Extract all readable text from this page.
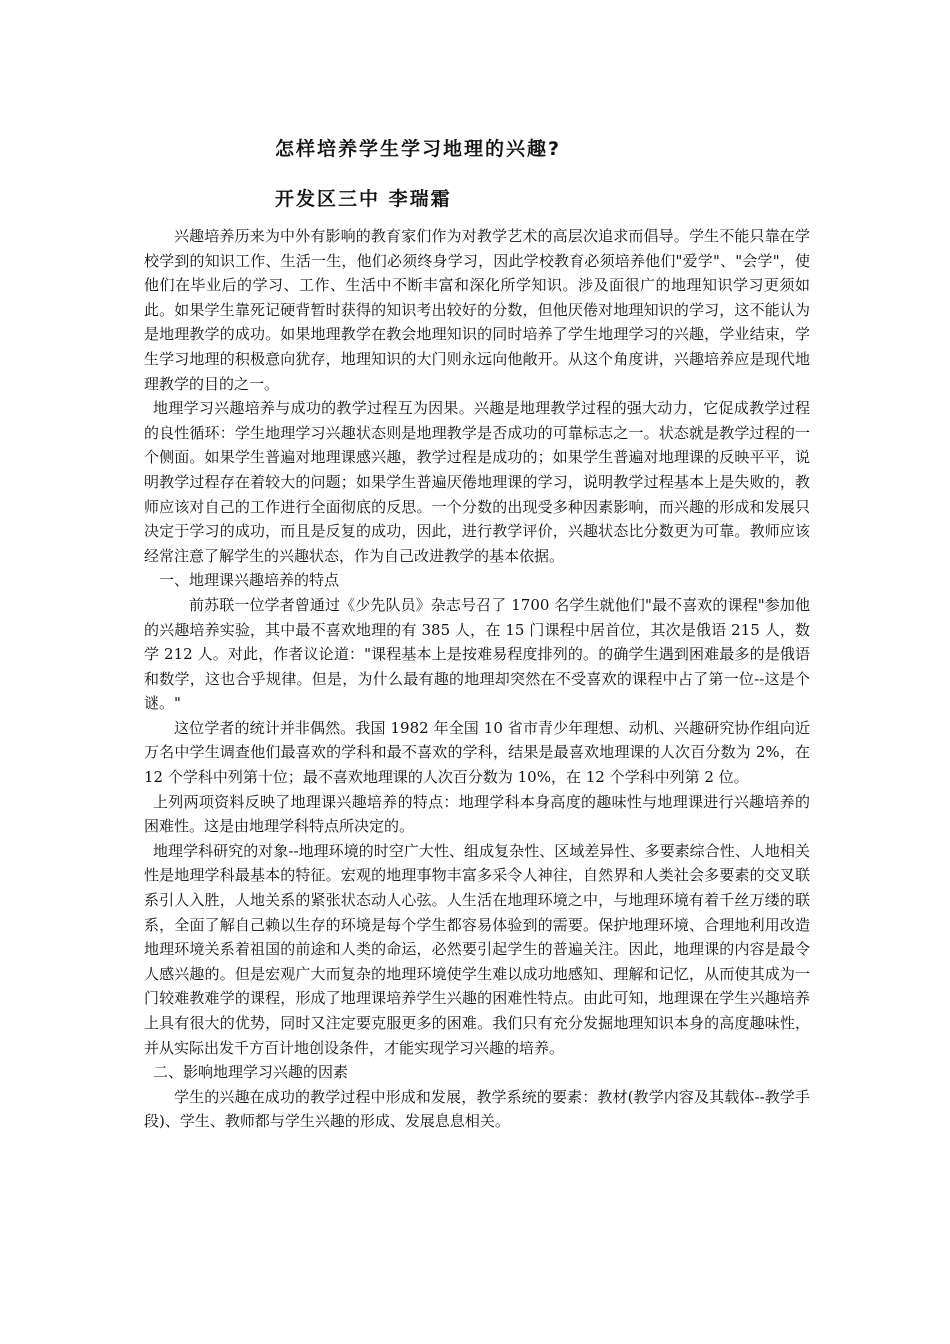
怎样培养学生学习地理的兴趣?
开发区三中 李瑞霜

兴趣培养历来为中外有影响的教育家们作为对教学艺术的高层次追求而倡导。学生不能只靠在学校学到的知识工作、生活一生，他们必须终身学习，因此学校教育必须培养他们"爱学"、"会学"，使他们在毕业后的学习、工作、生活中不断丰富和深化所学知识。涉及面很广的地理知识学习更须如此。如果学生靠死记硬背暂时获得的知识考出较好的分数，但他厌倦对地理知识的学习，这不能认为是地理教学的成功。如果地理教学在教会地理知识的同时培养了学生地理学习的兴趣，学业结束，学生学习地理的积极意向犹存，地理知识的大门则永远向他敞开。从这个角度讲，兴趣培养应是现代地理教学的目的之一。

地理学习兴趣培养与成功的教学过程互为因果。兴趣是地理教学过程的强大动力，它促成教学过程的良性循环：学生地理学习兴趣状态则是地理教学是否成功的可靠标志之一。状态就是教学过程的一个侧面。如果学生普遍对地理课感兴趣，教学过程是成功的；如果学生普遍对地理课的反映平平，说明教学过程存在着较大的问题；如果学生普遍厌倦地理课的学习，说明教学过程基本上是失败的，教师应该对自己的工作进行全面彻底的反思。一个分数的出现受多种因素影响，而兴趣的形成和发展只决定于学习的成功，而且是反复的成功，因此，进行教学评价，兴趣状态比分数更为可靠。教师应该经常注意了解学生的兴趣状态，作为自己改进教学的基本依据。

一、地理课兴趣培养的特点

前苏联一位学者曾通过《少先队员》杂志号召了 1700 名学生就他们"最不喜欢的课程"参加他的兴趣培养实验，其中最不喜欢地理的有 385 人，在 15 门课程中居首位，其次是俄语 215 人，数学 212 人。对此，作者议论道："课程基本上是按难易程度排列的。的确学生遇到困难最多的是俄语和数学，这也合乎规律。但是，为什么最有趣的地理却突然在不受喜欢的课程中占了第一位--这是个谜。"

这位学者的统计并非偶然。我国 1982 年全国 10 省市青少年理想、动机、兴趣研究协作组向近万名中学生调查他们最喜欢的学科和最不喜欢的学科，结果是最喜欢地理课的人次百分数为 2%，在 12 个学科中列第十位；最不喜欢地理课的人次百分数为 10%，在 12 个学科中列第 2 位。

上列两项资料反映了地理课兴趣培养的特点：地理学科本身高度的趣味性与地理课进行兴趣培养的困难性。这是由地理学科特点所决定的。

地理学科研究的对象--地理环境的时空广大性、组成复杂性、区域差异性、多要素综合性、人地相关性是地理学科最基本的特征。宏观的地理事物丰富多采令人神往，自然界和人类社会多要素的交叉联系引人入胜，人地关系的紧张状态动人心弦。人生活在地理环境之中，与地理环境有着千丝万缕的联系，全面了解自己赖以生存的环境是每个学生都容易体验到的需要。保护地理环境、合理地利用改造地理环境关系着祖国的前途和人类的命运，必然要引起学生的普遍关注。因此，地理课的内容是最令人感兴趣的。但是宏观广大而复杂的地理环境使学生难以成功地感知、理解和记忆，从而使其成为一门较难教难学的课程，形成了地理课培养学生兴趣的困难性特点。由此可知，地理课在学生兴趣培养上具有很大的优势，同时又注定要克服更多的困难。我们只有充分发掘地理知识本身的高度趣味性，并从实际出发千方百计地创设条件，才能实现学习兴趣的培养。

二、影响地理学习兴趣的因素

学生的兴趣在成功的教学过程中形成和发展，教学系统的要素：教材(教学内容及其载体--教学手段)、学生、教师都与学生兴趣的形成、发展息息相关。
